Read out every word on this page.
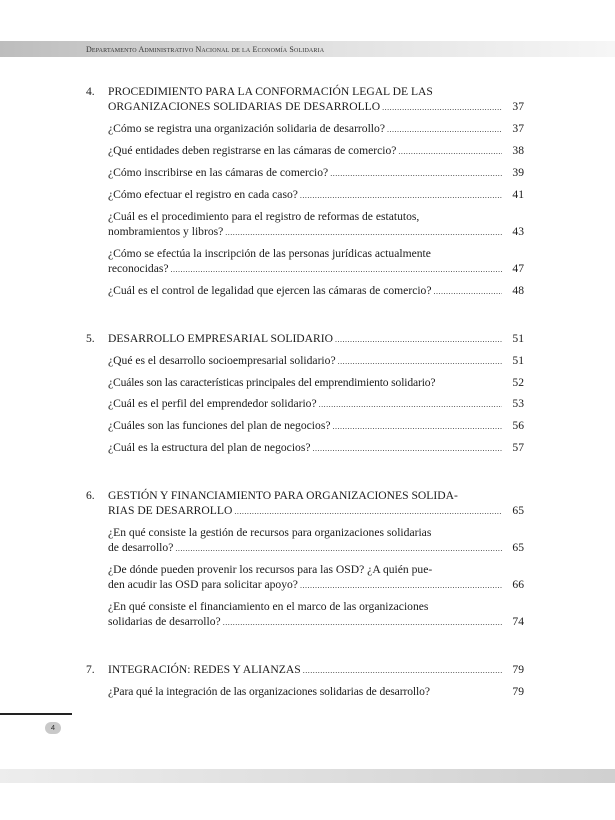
Departamento Administrativo Nacional de la Economía Solidaria
4. PROCEDIMIENTO PARA LA CONFORMACIÓN LEGAL DE LAS
ORGANIZACIONES SOLIDARIAS DE DESARROLLO .....	37
¿Cómo se registra una organización solidaria de desarrollo? .....	37
¿Qué entidades deben registrarse en las cámaras de comercio? .....	38
¿Cómo inscribirse en las cámaras de comercio? .....	39
¿Cómo efectuar el registro en cada caso? .....	41
¿Cuál es el procedimiento para el registro de reformas de estatutos,
nombramientos y libros? .....	43
¿Cómo se efectúa la inscripción de las personas jurídicas actualmente
reconocidas? .....	47
¿Cuál es el control de legalidad que ejercen las cámaras de comercio? .....	48
5. DESARROLLO EMPRESARIAL SOLIDARIO .....	51
¿Qué es el desarrollo socioempresarial solidario? .....	51
¿Cuáles son las características principales del emprendimiento solidario?	52
¿Cuál es el perfil del emprendedor solidario? .....	53
¿Cuáles son las funciones del plan de negocios? .....	56
¿Cuál es la estructura del plan de negocios? .....	57
6. GESTIÓN Y FINANCIAMIENTO PARA ORGANIZACIONES SOLIDA-
RIAS DE DESARROLLO .....	65
¿En qué consiste la gestión de recursos para organizaciones solidarias
de desarrollo? .....	65
¿De dónde pueden provenir los recursos para las OSD? ¿A quién pue-
den acudir las OSD para solicitar apoyo? .....	66
¿En qué consiste el financiamiento en el marco de las organizaciones
solidarias de desarrollo? .....	74
7. INTEGRACIÓN: REDES Y ALIANZAS .....	79
¿Para qué la integración de las organizaciones solidarias de desarrollo?	79
4
